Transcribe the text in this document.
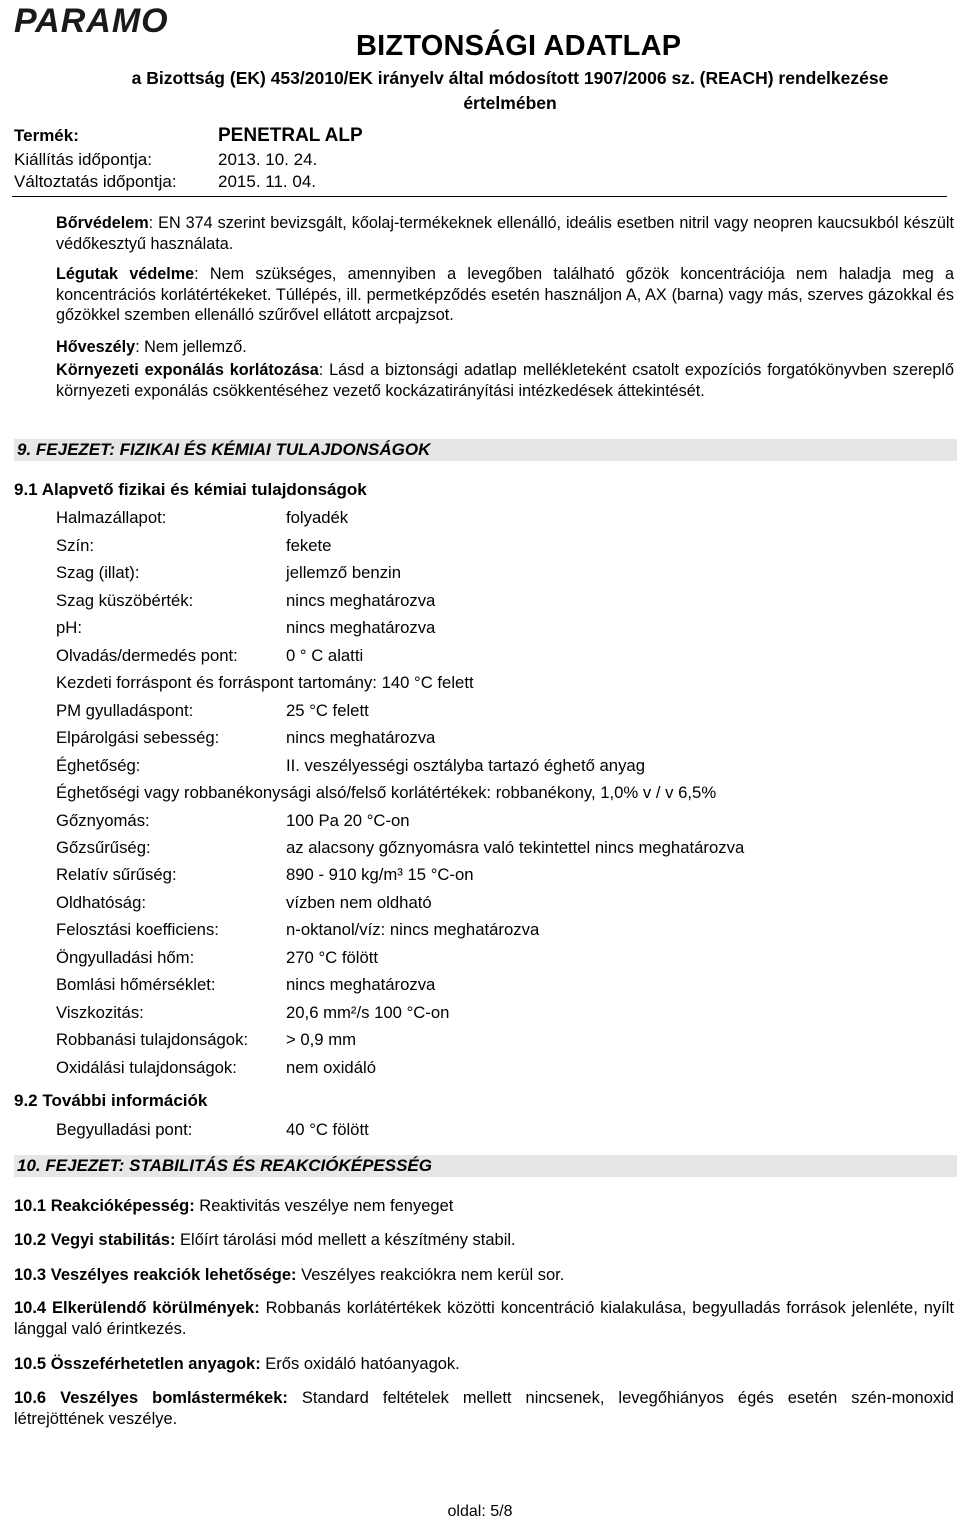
PARAMO
BIZTONSÁGI ADATLAP
a Bizottság (EK) 453/2010/EK irányelv által módosított 1907/2006 sz. (REACH) rendelkezése
értelmében
Termék:	PENETRAL ALP
Kiállítás időpontja:	2013. 10. 24.
Változtatás időpontja: 2015. 11. 04.
Bőrvédelem: EN 374 szerint bevizsgált, kőolaj-termékeknek ellenálló, ideális esetben nitril vagy neopren kaucsukból készült védőkesztyű használata.
Légutak védelme: Nem szükséges, amennyiben a levegőben található gőzök koncentrációja nem haladja meg a koncentrációs korlátértékeket. Túllépés, ill. permetképződés esetén használjon A, AX (barna) vagy más, szerves gázokkal és gőzökkel szemben ellenálló szűrővel ellátott arcpajzsot.
Hőveszély: Nem jellemző.
Környezeti exponálás korlátozása: Lásd a biztonsági adatlap mellékleteként csatolt expozíciós forgatókönyvben szereplő környezeti exponálás csökkentéséhez vezető kockázatirányítási intézkedések áttekintését.
9. FEJEZET: FIZIKAI ÉS KÉMIAI TULAJDONSÁGOK
9.1 Alapvető fizikai és kémiai tulajdonságok
Halmazállapot:	folyadék
Szín:	fekete
Szag (illat):	jellemző benzin
Szag küszöbérték:	nincs meghatározva
pH:	nincs meghatározva
Olvadás/dermedés pont:	0 ° C alatti
Kezdeti forráspont és forráspont tartomány: 140 °C felett
PM gyulladáspont:	25 °C felett
Elpárolgási sebesség:	nincs meghatározva
Éghetőség:	II. veszélyességi osztályba tartazó éghető anyag
Éghetőségi vagy robbanékonysági alsó/felső korlátértékek: robbanékony, 1,0% v / v 6,5%
Gőznyomás:	100 Pa 20 °C-on
Gőzsűrűség:	az alacsony gőznyomásra való tekintettel nincs meghatározva
Relatív sűrűség:	890 - 910 kg/m³ 15 °C-on
Oldhatóság:	vízben nem oldható
Felosztási koefficiens:	n-oktanol/víz: nincs meghatározva
Öngyulladási hőm:	270 °C fölött
Bomlási hőmérséklet:	nincs meghatározva
Viszkozitás:	20,6 mm²/s 100 °C-on
Robbanási tulajdonságok: > 0,9 mm
Oxidálási tulajdonságok:	nem oxidáló
9.2 További információk
Begyulladási pont:	40 °C fölött
10. FEJEZET: STABILITÁS ÉS REAKCIÓKÉPESSÉG
10.1 Reakcióképesség: Reaktivitás veszélye nem fenyeget
10.2 Vegyi stabilitás: Előírt tárolási mód mellett a készítmény stabil.
10.3 Veszélyes reakciók lehetősége: Veszélyes reakciókra nem kerül sor.
10.4 Elkerülendő körülmények: Robbanás korlátértékek közötti koncentráció kialakulása, begyulladás források jelenléte, nyílt lánggal való érintkezés.
10.5 Összeférhetetlen anyagok: Erős oxidáló hatóanyagok.
10.6 Veszélyes bomlástermékek: Standard feltételek mellett nincsenek, levegőhiányos égés esetén szén-monoxid létrejöttének veszélye.
oldal: 5/8
